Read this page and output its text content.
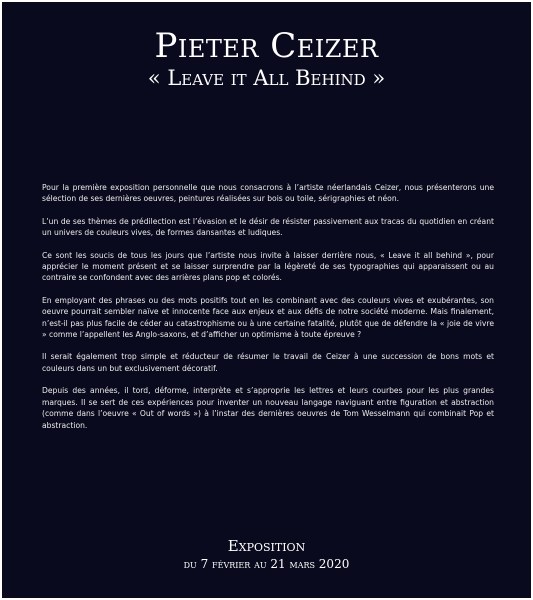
Pieter Ceizer
« Leave it All Behind »

Pour la première exposition personnelle que nous consacrons à l’artiste néerlandais Ceizer, nous présenterons une sélection de ses dernières oeuvres, peintures réalisées sur bois ou toile, sérigraphies et néon.

L’un de ses thèmes de prédilection est l’évasion et le désir de résister passivement aux tracas du quotidien en créant un univers de couleurs vives, de formes dansantes et ludiques.

Ce sont les soucis de tous les jours que l’artiste nous invite à laisser derrière nous, « Leave it all behind », pour apprécier le moment présent et se laisser surprendre par la légèreté de ses typographies qui apparaissent ou au contraire se confondent avec des arrières plans pop et colorés.

En employant des phrases ou des mots positifs tout en les combinant avec des couleurs vives et exubérantes, son oeuvre pourrait sembler naïve et innocente face aux enjeux et aux défis de notre société moderne. Mais finalement, n’est-il pas plus facile de céder au catastrophisme ou à une certaine fatalité, plutôt que de défendre la « joie de vivre » comme l’appellent les Anglo-saxons, et d’afficher un optimisme à toute épreuve ?

Il serait également trop simple et réducteur de résumer le travail de Ceizer à une succession de bons mots et couleurs dans un but exclusivement décoratif.

Depuis des années, il tord, déforme, interprète et s’approprie les lettres et leurs courbes pour les plus grandes marques. Il se sert de ces expériences pour inventer un nouveau langage naviguant entre figuration et abstraction (comme dans l’oeuvre « Out of words ») à l’instar des dernières oeuvres de Tom Wesselmann qui combinait Pop et abstraction.

Exposition
du 7 février au 21 mars 2020
